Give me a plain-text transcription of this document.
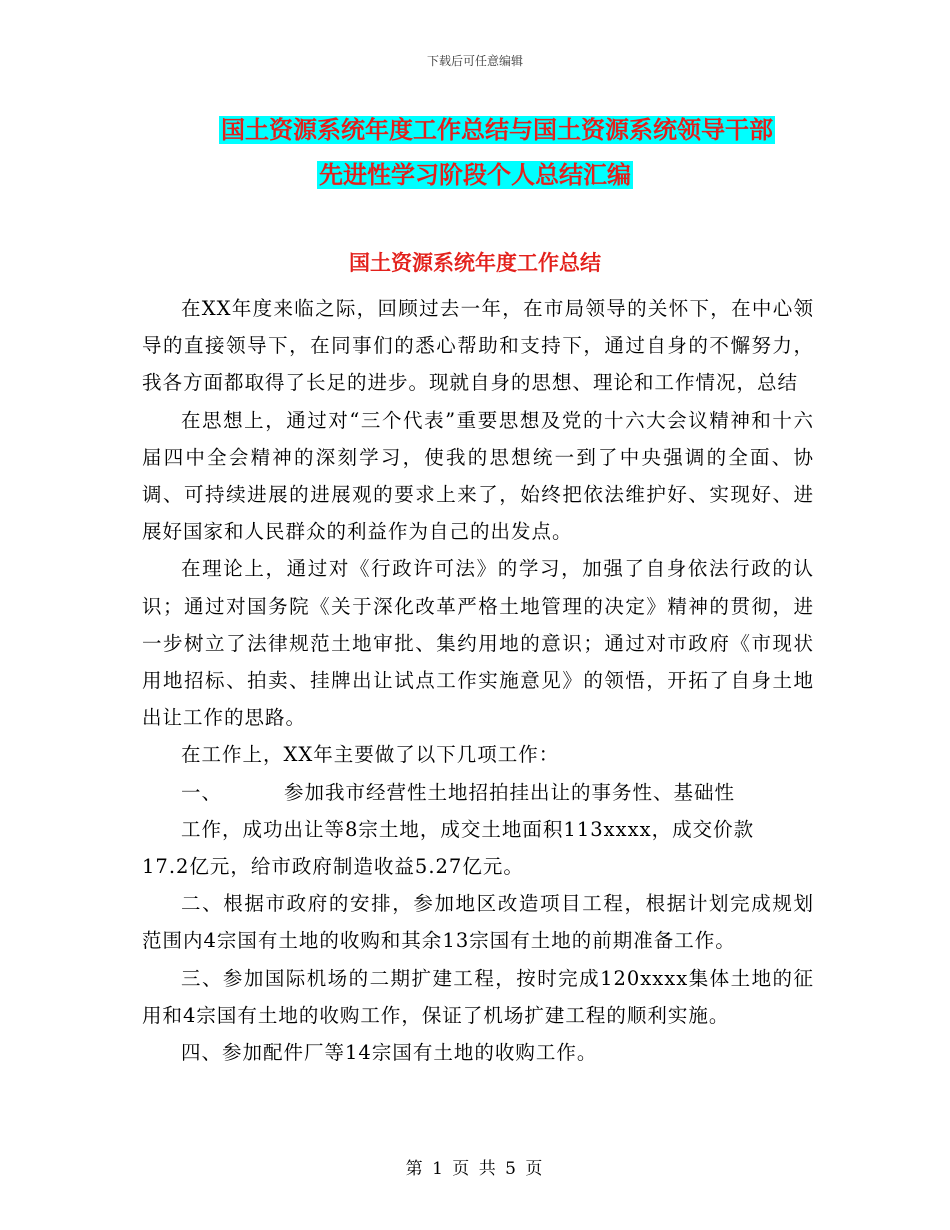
下载后可任意编辑
国土资源系统年度工作总结与国土资源系统领导干部
先进性学习阶段个人总结汇编
国土资源系统年度工作总结

在XX年度来临之际，回顾过去一年，在市局领导的关怀下，在中心领导的直接领导下，在同事们的悉心帮助和支持下，通过自身的不懈努力，我各方面都取得了长足的进步。现就自身的思想、理论和工作情况，总结

在思想上，通过对“三个代表”重要思想及党的十六大会议精神和十六届四中全会精神的深刻学习，使我的思想统一到了中央强调的全面、协调、可持续进展的进展观的要求上来了，始终把依法维护好、实现好、进展好国家和人民群众的利益作为自己的出发点。

在理论上，通过对《行政许可法》的学习，加强了自身依法行政的认识；通过对国务院《关于深化改革严格土地管理的决定》精神的贯彻，进一步树立了法律规范土地审批、集约用地的意识；通过对市政府《市现状用地招标、拍卖、挂牌出让试点工作实施意见》的领悟，开拓了自身土地出让工作的思路。

在工作上，XX年主要做了以下几项工作：

一、	参加我市经营性土地招拍挂出让的事务性、基础性
工作，成功出让等8宗土地，成交土地面积113xxxx，成交价款
17.2亿元，给市政府制造收益5.27亿元。

二、根据市政府的安排，参加地区改造项目工程，根据计划完成规划范围内4宗国有土地的收购和其余13宗国有土地的前期准备工作。

三、参加国际机场的二期扩建工程，按时完成120xxxx集体土地的征用和4宗国有土地的收购工作，保证了机场扩建工程的顺利实施。

四、参加配件厂等14宗国有土地的收购工作。

第 1 页 共 5 页
